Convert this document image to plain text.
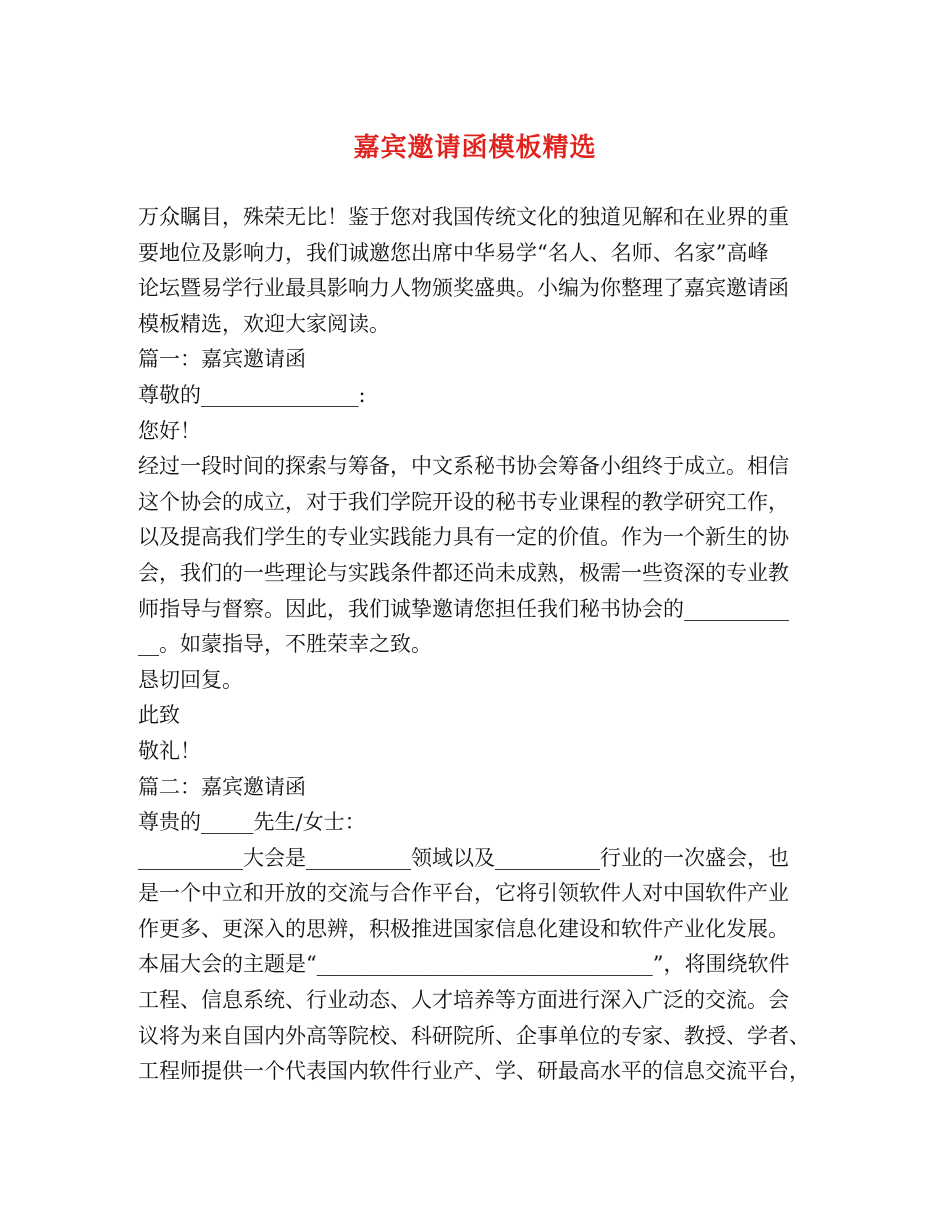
嘉宾邀请函模板精选
万众瞩目，殊荣无比！鉴于您对我国传统文化的独道见解和在业界的重
要地位及影响力，我们诚邀您出席中华易学“名人、名师、名家”高峰
论坛暨易学行业最具影响力人物颁奖盛典。小编为你整理了嘉宾邀请函
模板精选，欢迎大家阅读。
篇一：嘉宾邀请函
尊敬的_______________:
您好！
经过一段时间的探索与筹备，中文系秘书协会筹备小组终于成立。相信
这个协会的成立，对于我们学院开设的秘书专业课程的教学研究工作，
以及提高我们学生的专业实践能力具有一定的价值。作为一个新生的协
会，我们的一些理论与实践条件都还尚未成熟，极需一些资深的专业教
师指导与督察。因此，我们诚挚邀请您担任我们秘书协会的__________
__。如蒙指导，不胜荣幸之致。
恳切回复。
此致
敬礼！
篇二：嘉宾邀请函
尊贵的_____先生/女士：
__________大会是__________领域以及__________行业的一次盛会，也
是一个中立和开放的交流与合作平台，它将引领软件人对中国软件产业
作更多、更深入的思辨，积极推进国家信息化建设和软件产业化发展。
本届大会的主题是“________________________________”，将围绕软件
工程、信息系统、行业动态、人才培养等方面进行深入广泛的交流。会
议将为来自国内外高等院校、科研院所、企事单位的专家、教授、学者、
工程师提供一个代表国内软件行业产、学、研最高水平的信息交流平台，
